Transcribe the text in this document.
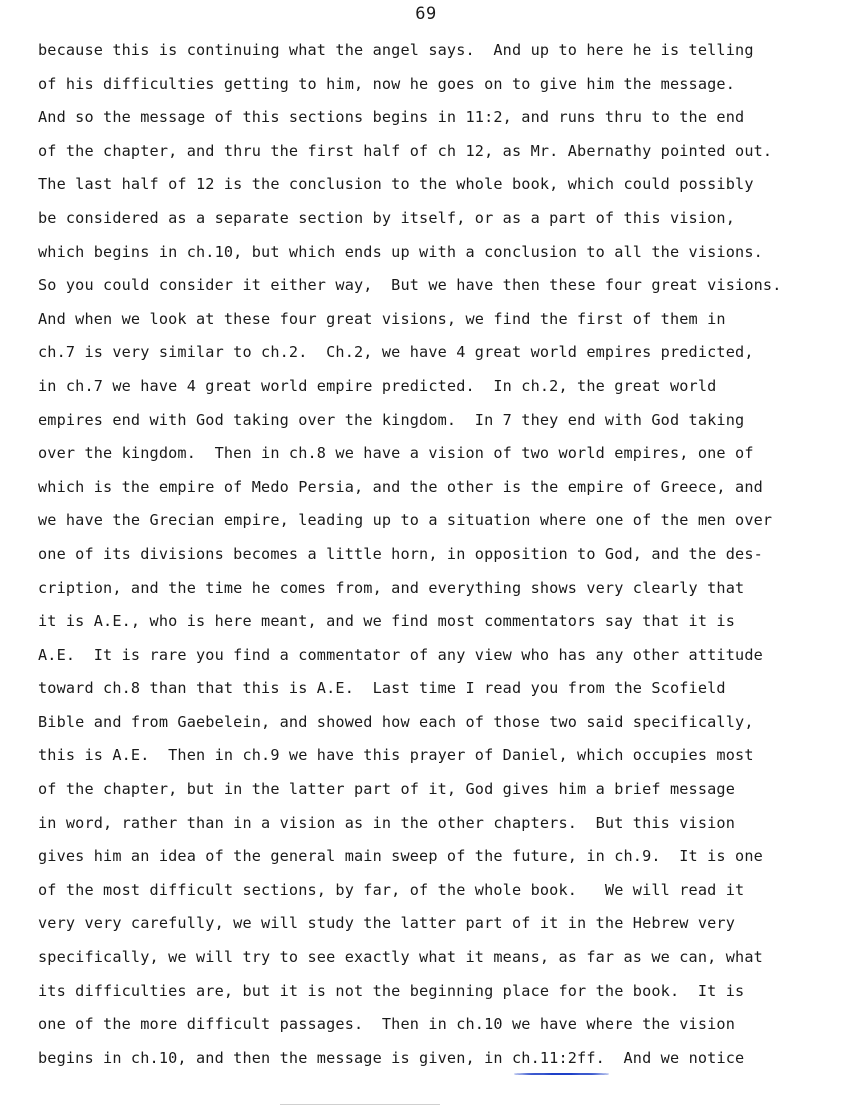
69
because this is continuing what the angel says.  And up to here he is telling
of his difficulties getting to him, now he goes on to give him the message.
And so the message of this sections begins in 11:2, and runs thru to the end
of the chapter, and thru the first half of ch 12, as Mr. Abernathy pointed out.
The last half of 12 is the conclusion to the whole book, which could possibly
be considered as a separate section by itself, or as a part of this vision,
which begins in ch.10, but which ends up with a conclusion to all the visions.
So you could consider it either way,  But we have then these four great visions.
And when we look at these four great visions, we find the first of them in
ch.7 is very similar to ch.2.  Ch.2, we have 4 great world empires predicted,
in ch.7 we have 4 great world empire predicted.  In ch.2, the great world
empires end with God taking over the kingdom.  In 7 they end with God taking
over the kingdom.  Then in ch.8 we have a vision of two world empires, one of
which is the empire of Medo Persia, and the other is the empire of Greece, and
we have the Grecian empire, leading up to a situation where one of the men over
one of its divisions becomes a little horn, in opposition to God, and the des-
cription, and the time he comes from, and everything shows very clearly that
it is A.E., who is here meant, and we find most commentators say that it is
A.E.  It is rare you find a commentator of any view who has any other attitude
toward ch.8 than that this is A.E.  Last time I read you from the Scofield
Bible and from Gaebelein, and showed how each of those two said specifically,
this is A.E.  Then in ch.9 we have this prayer of Daniel, which occupies most
of the chapter, but in the latter part of it, God gives him a brief message
in word, rather than in a vision as in the other chapters.  But this vision
gives him an idea of the general main sweep of the future, in ch.9.  It is one
of the most difficult sections, by far, of the whole book.   We will read it
very very carefully, we will study the latter part of it in the Hebrew very
specifically, we will try to see exactly what it means, as far as we can, what
its difficulties are, but it is not the beginning place for the book.  It is
one of the more difficult passages.  Then in ch.10 we have where the vision
begins in ch.10, and then the message is given, in ch.11:2ff.  And we notice
